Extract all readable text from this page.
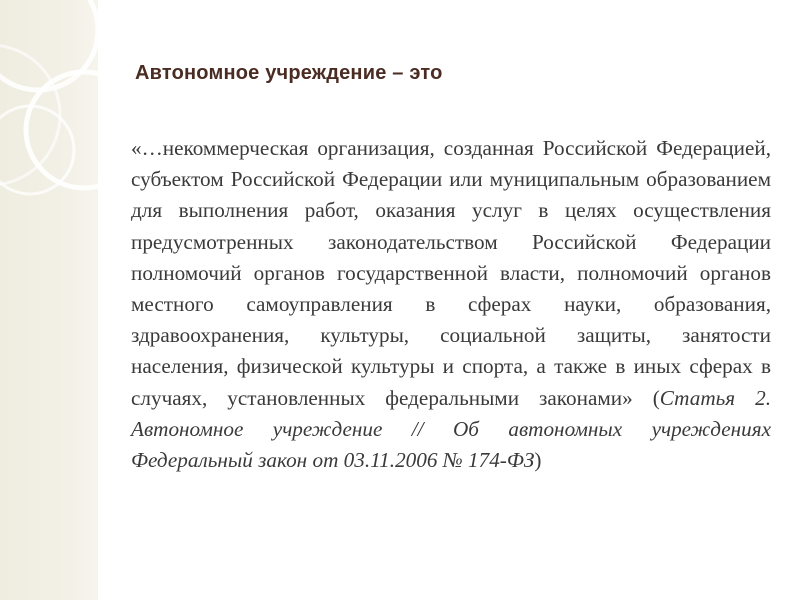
Автономное учреждение – это
«…некоммерческая организация, созданная Российской Федерацией, субъектом Российской Федерации или муниципальным образованием для выполнения работ, оказания услуг в целях осуществления предусмотренных законодательством Российской Федерации полномочий органов государственной власти, полномочий органов местного самоуправления в сферах науки, образования, здравоохранения, культуры, социальной защиты, занятости населения, физической культуры и спорта, а также в иных сферах в случаях, установленных федеральными законами» (Статья 2. Автономное учреждение // Об автономных учреждениях Федеральный закон от 03.11.2006 № 174-ФЗ)
